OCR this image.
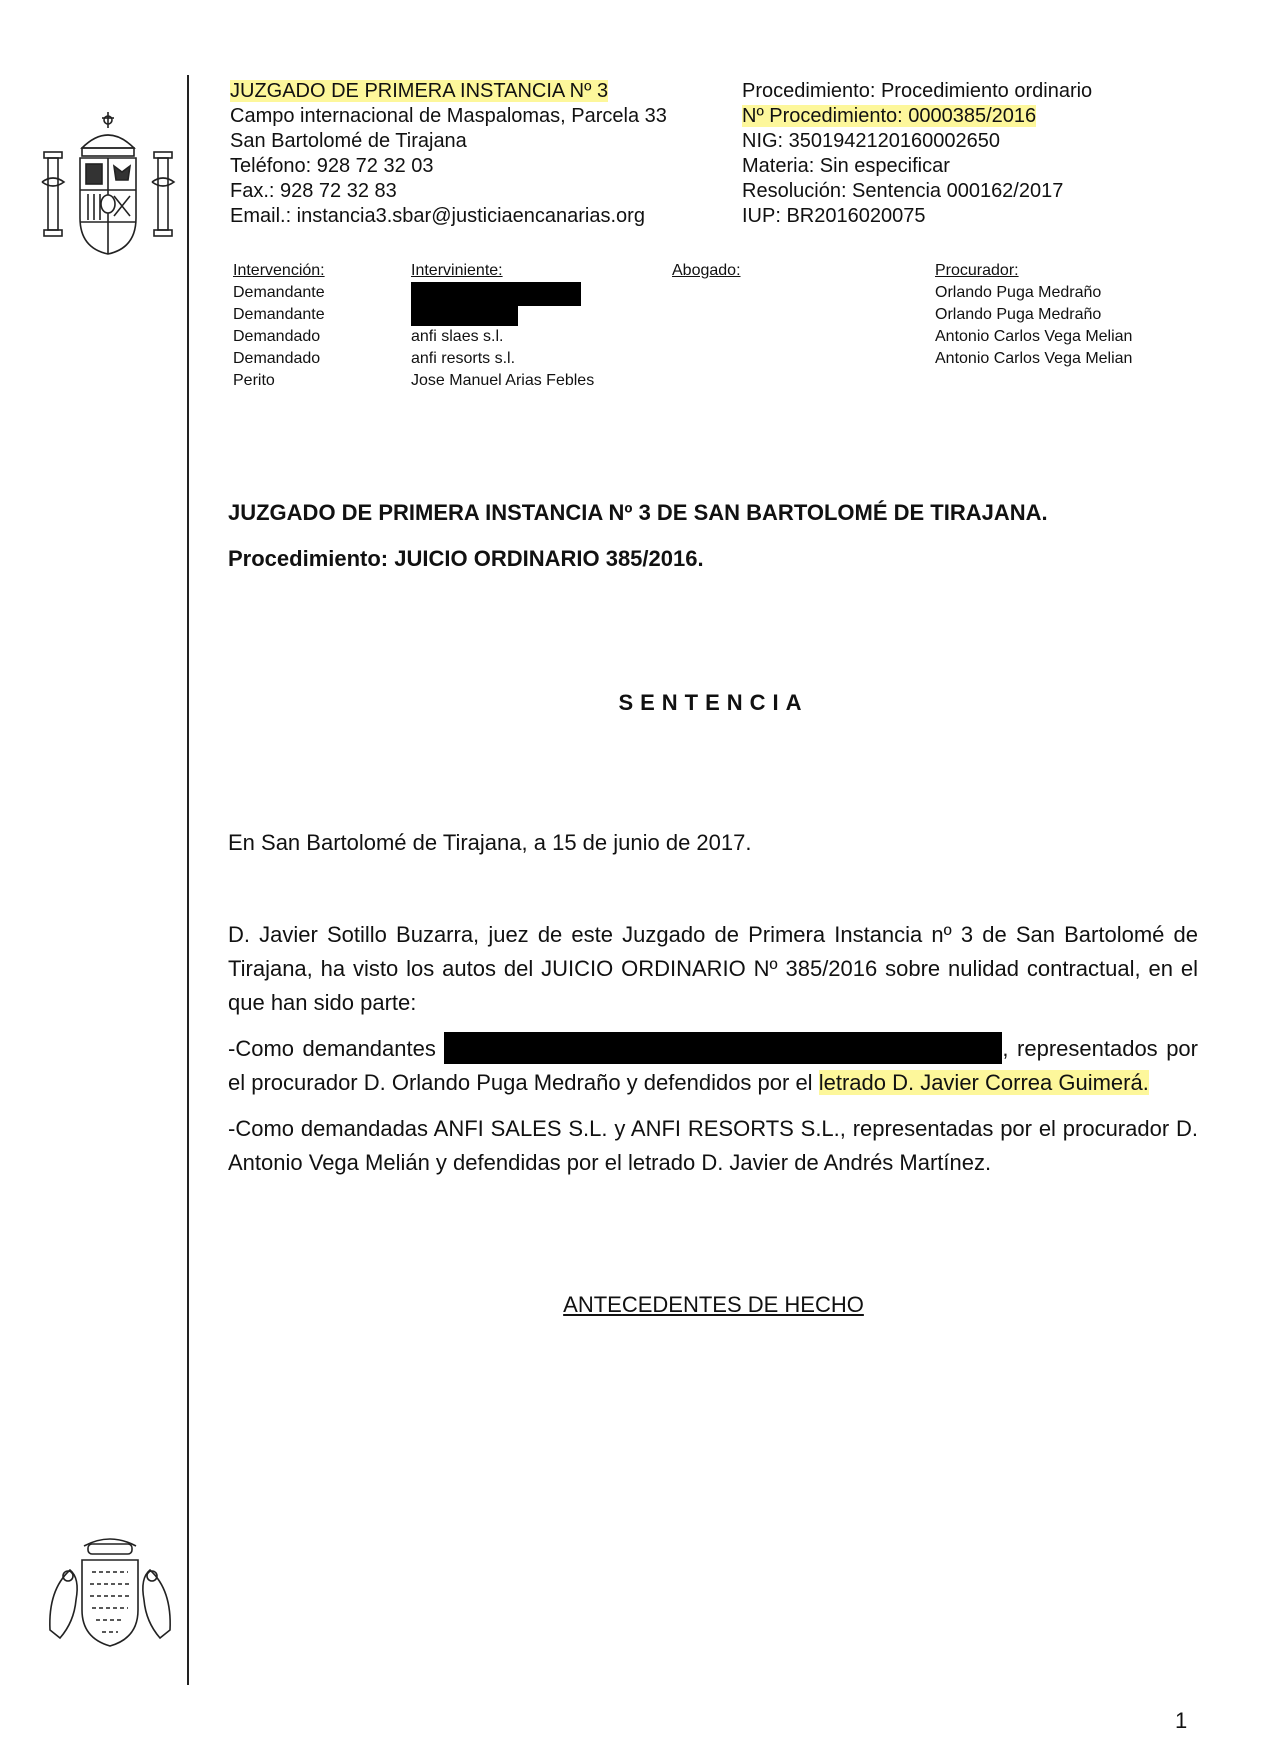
JUZGADO DE PRIMERA INSTANCIA Nº 3
Campo internacional de Maspalomas, Parcela 33
San Bartolomé de Tirajana
Teléfono: 928 72 32 03
Fax.: 928 72 32 83
Email.: instancia3.sbar@justiciaencanarias.org
Procedimiento: Procedimiento ordinario
Nº Procedimiento: 0000385/2016
NIG: 3501942120160002650
Materia: Sin especificar
Resolución: Sentencia 000162/2017
IUP: BR2016020075
Intervención:
Demandante
Demandante
Demandado
Demandado
Perito
Interviniente:
anfi slaes s.l.
anfi resorts s.l.
Jose Manuel Arias Febles
Abogado:	Procurador:
Orlando Puga Medraño
Orlando Puga Medraño
Antonio Carlos Vega Melian
Antonio Carlos Vega Melian
JUZGADO DE PRIMERA INSTANCIA Nº 3 DE SAN BARTOLOMÉ DE TIRAJANA.
Procedimiento: JUICIO ORDINARIO 385/2016.
SENTENCIA
En San Bartolomé de Tirajana, a 15 de junio de 2017.

D. Javier Sotillo Buzarra, juez de este Juzgado de Primera Instancia nº 3 de San Bartolomé de Tirajana, ha visto los autos del JUICIO ORDINARIO Nº 385/2016 sobre nulidad contractual, en el que han sido parte:

-Como demandantes	, representados por el procurador D. Orlando Puga Medraño y defendidos por el letrado D. Javier Correa Guimerá.

-Como demandadas ANFI SALES S.L. y ANFI RESORTS S.L., representadas por el procurador D. Antonio Vega Melián y defendidas por el letrado D. Javier de Andrés Martínez.

ANTECEDENTES DE HECHO
1
